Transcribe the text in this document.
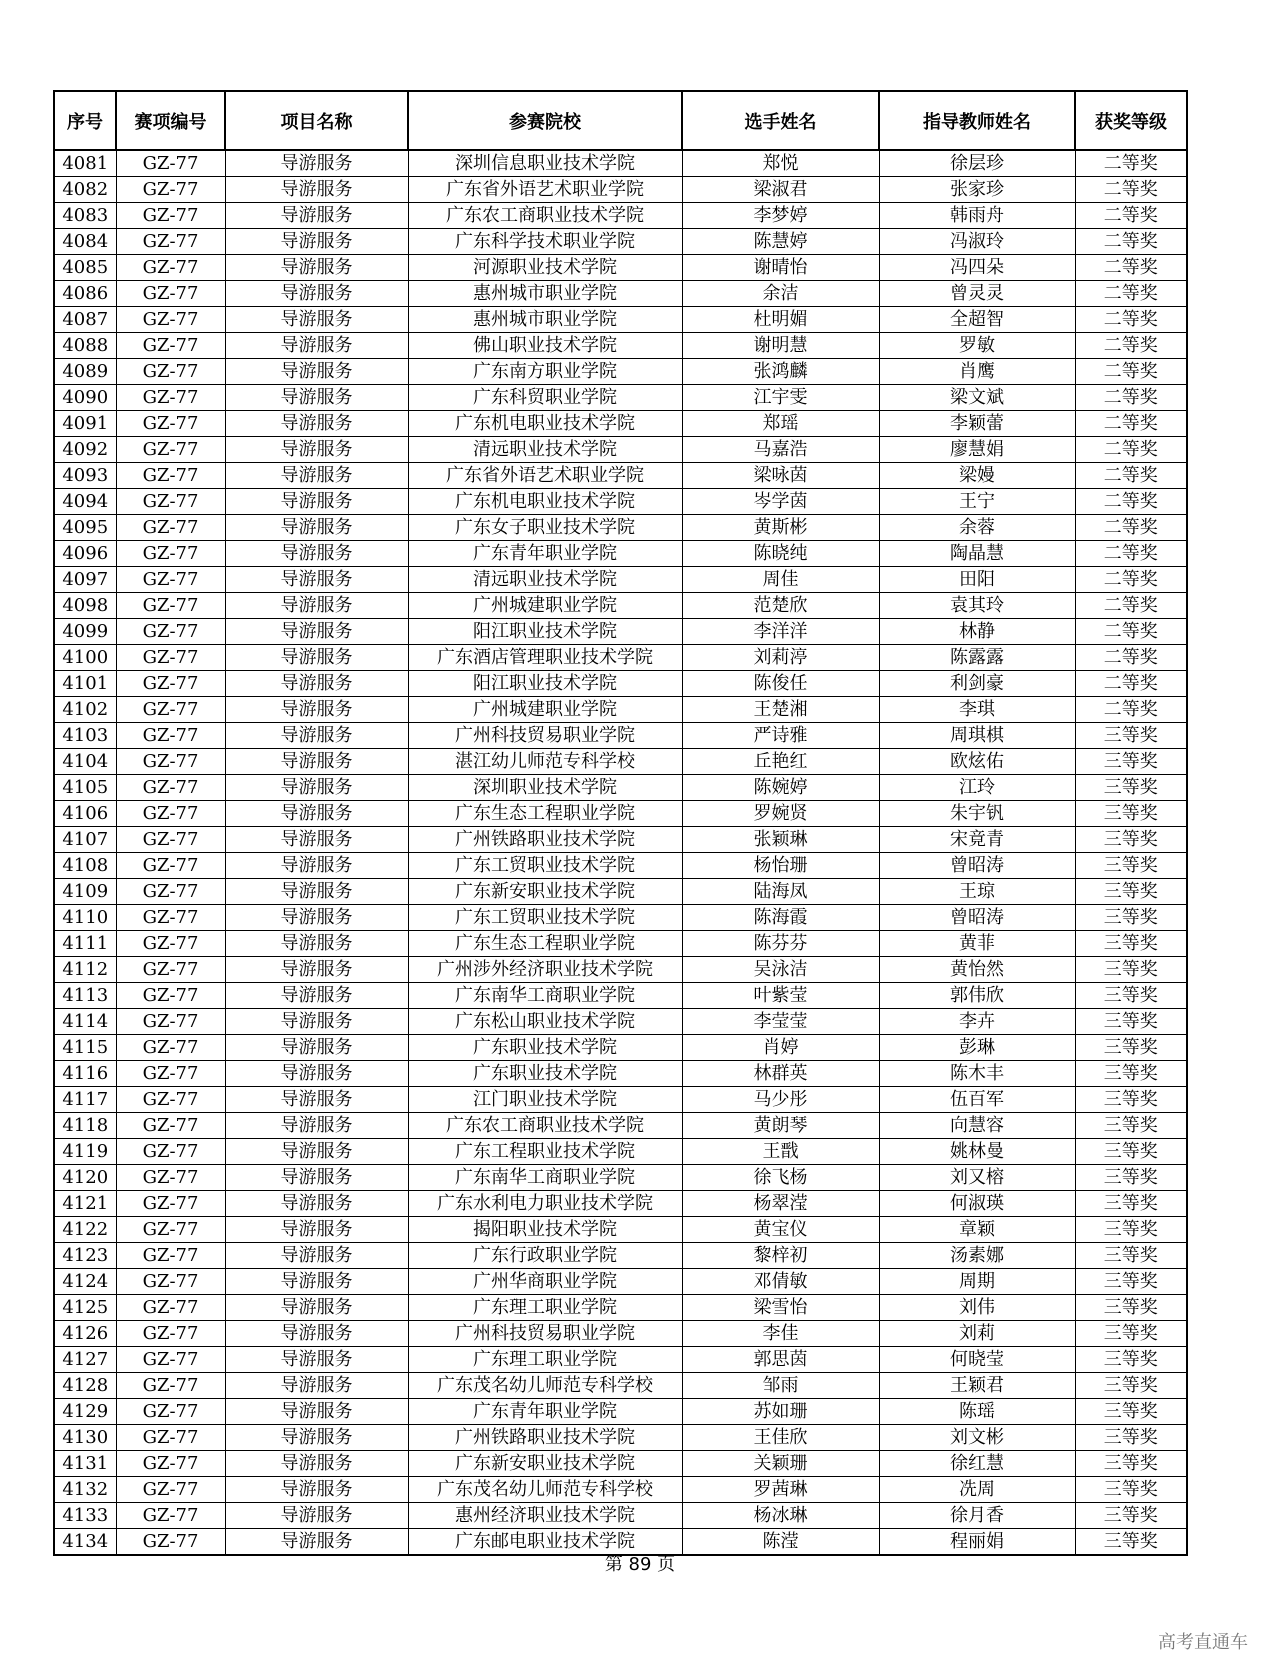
序号	赛项编号	项目名称	参赛院校	选手姓名	指导教师姓名	获奖等级
4081	GZ-77	导游服务	深圳信息职业技术学院	郑悦	徐层珍	二等奖
4082	GZ-77	导游服务	广东省外语艺术职业学院	梁淑君	张家珍	二等奖
4083	GZ-77	导游服务	广东农工商职业技术学院	李梦婷	韩雨舟	二等奖
4084	GZ-77	导游服务	广东科学技术职业学院	陈慧婷	冯淑玲	二等奖
4085	GZ-77	导游服务	河源职业技术学院	谢晴怡	冯四朵	二等奖
4086	GZ-77	导游服务	惠州城市职业学院	余洁	曾灵灵	二等奖
4087	GZ-77	导游服务	惠州城市职业学院	杜明媚	全超智	二等奖
4088	GZ-77	导游服务	佛山职业技术学院	谢明慧	罗敏	二等奖
4089	GZ-77	导游服务	广东南方职业学院	张鸿麟	肖鹰	二等奖
4090	GZ-77	导游服务	广东科贸职业学院	江宇雯	梁文斌	二等奖
4091	GZ-77	导游服务	广东机电职业技术学院	郑瑶	李颖蕾	二等奖
4092	GZ-77	导游服务	清远职业技术学院	马嘉浩	廖慧娟	二等奖
4093	GZ-77	导游服务	广东省外语艺术职业学院	梁咏茵	梁嫚	二等奖
4094	GZ-77	导游服务	广东机电职业技术学院	岑学茵	王宁	二等奖
4095	GZ-77	导游服务	广东女子职业技术学院	黄斯彬	余蓉	二等奖
4096	GZ-77	导游服务	广东青年职业学院	陈晓纯	陶晶慧	二等奖
4097	GZ-77	导游服务	清远职业技术学院	周佳	田阳	二等奖
4098	GZ-77	导游服务	广州城建职业学院	范楚欣	袁其玲	二等奖
4099	GZ-77	导游服务	阳江职业技术学院	李洋洋	林静	二等奖
4100	GZ-77	导游服务	广东酒店管理职业技术学院	刘莉渟	陈露露	二等奖
4101	GZ-77	导游服务	阳江职业技术学院	陈俊任	利剑豪	二等奖
4102	GZ-77	导游服务	广州城建职业学院	王楚湘	李琪	二等奖
4103	GZ-77	导游服务	广州科技贸易职业学院	严诗雅	周琪棋	三等奖
4104	GZ-77	导游服务	湛江幼儿师范专科学校	丘艳红	欧炫佑	三等奖
4105	GZ-77	导游服务	深圳职业技术学院	陈婉婷	江玲	三等奖
4106	GZ-77	导游服务	广东生态工程职业学院	罗婉贤	朱宇钒	三等奖
4107	GZ-77	导游服务	广州铁路职业技术学院	张颖琳	宋竟青	三等奖
4108	GZ-77	导游服务	广东工贸职业技术学院	杨怡珊	曾昭涛	三等奖
4109	GZ-77	导游服务	广东新安职业技术学院	陆海凤	王琼	三等奖
4110	GZ-77	导游服务	广东工贸职业技术学院	陈海霞	曾昭涛	三等奖
4111	GZ-77	导游服务	广东生态工程职业学院	陈芬芬	黄菲	三等奖
4112	GZ-77	导游服务	广州涉外经济职业技术学院	吴泳洁	黄怡然	三等奖
4113	GZ-77	导游服务	广东南华工商职业学院	叶紫莹	郭伟欣	三等奖
4114	GZ-77	导游服务	广东松山职业技术学院	李莹莹	李卉	三等奖
4115	GZ-77	导游服务	广东职业技术学院	肖婷	彭琳	三等奖
4116	GZ-77	导游服务	广东职业技术学院	林群英	陈木丰	三等奖
4117	GZ-77	导游服务	江门职业技术学院	马少彤	伍百军	三等奖
4118	GZ-77	导游服务	广东农工商职业技术学院	黄朗琴	向慧容	三等奖
4119	GZ-77	导游服务	广东工程职业技术学院	王戬	姚林曼	三等奖
4120	GZ-77	导游服务	广东南华工商职业学院	徐飞杨	刘又榕	三等奖
4121	GZ-77	导游服务	广东水利电力职业技术学院	杨翠滢	何淑瑛	三等奖
4122	GZ-77	导游服务	揭阳职业技术学院	黄宝仪	章颖	三等奖
4123	GZ-77	导游服务	广东行政职业学院	黎梓初	汤素娜	三等奖
4124	GZ-77	导游服务	广州华商职业学院	邓倩敏	周期	三等奖
4125	GZ-77	导游服务	广东理工职业学院	梁雪怡	刘伟	三等奖
4126	GZ-77	导游服务	广州科技贸易职业学院	李佳	刘莉	三等奖
4127	GZ-77	导游服务	广东理工职业学院	郭思茵	何晓莹	三等奖
4128	GZ-77	导游服务	广东茂名幼儿师范专科学校	邹雨	王颖君	三等奖
4129	GZ-77	导游服务	广东青年职业学院	苏如珊	陈瑶	三等奖
4130	GZ-77	导游服务	广州铁路职业技术学院	王佳欣	刘文彬	三等奖
4131	GZ-77	导游服务	广东新安职业技术学院	关颖珊	徐红慧	三等奖
4132	GZ-77	导游服务	广东茂名幼儿师范专科学校	罗茜琳	冼周	三等奖
4133	GZ-77	导游服务	惠州经济职业技术学院	杨冰琳	徐月香	三等奖
4134	GZ-77	导游服务	广东邮电职业技术学院	陈滢	程丽娟	三等奖
第 89 页
高考直通车
